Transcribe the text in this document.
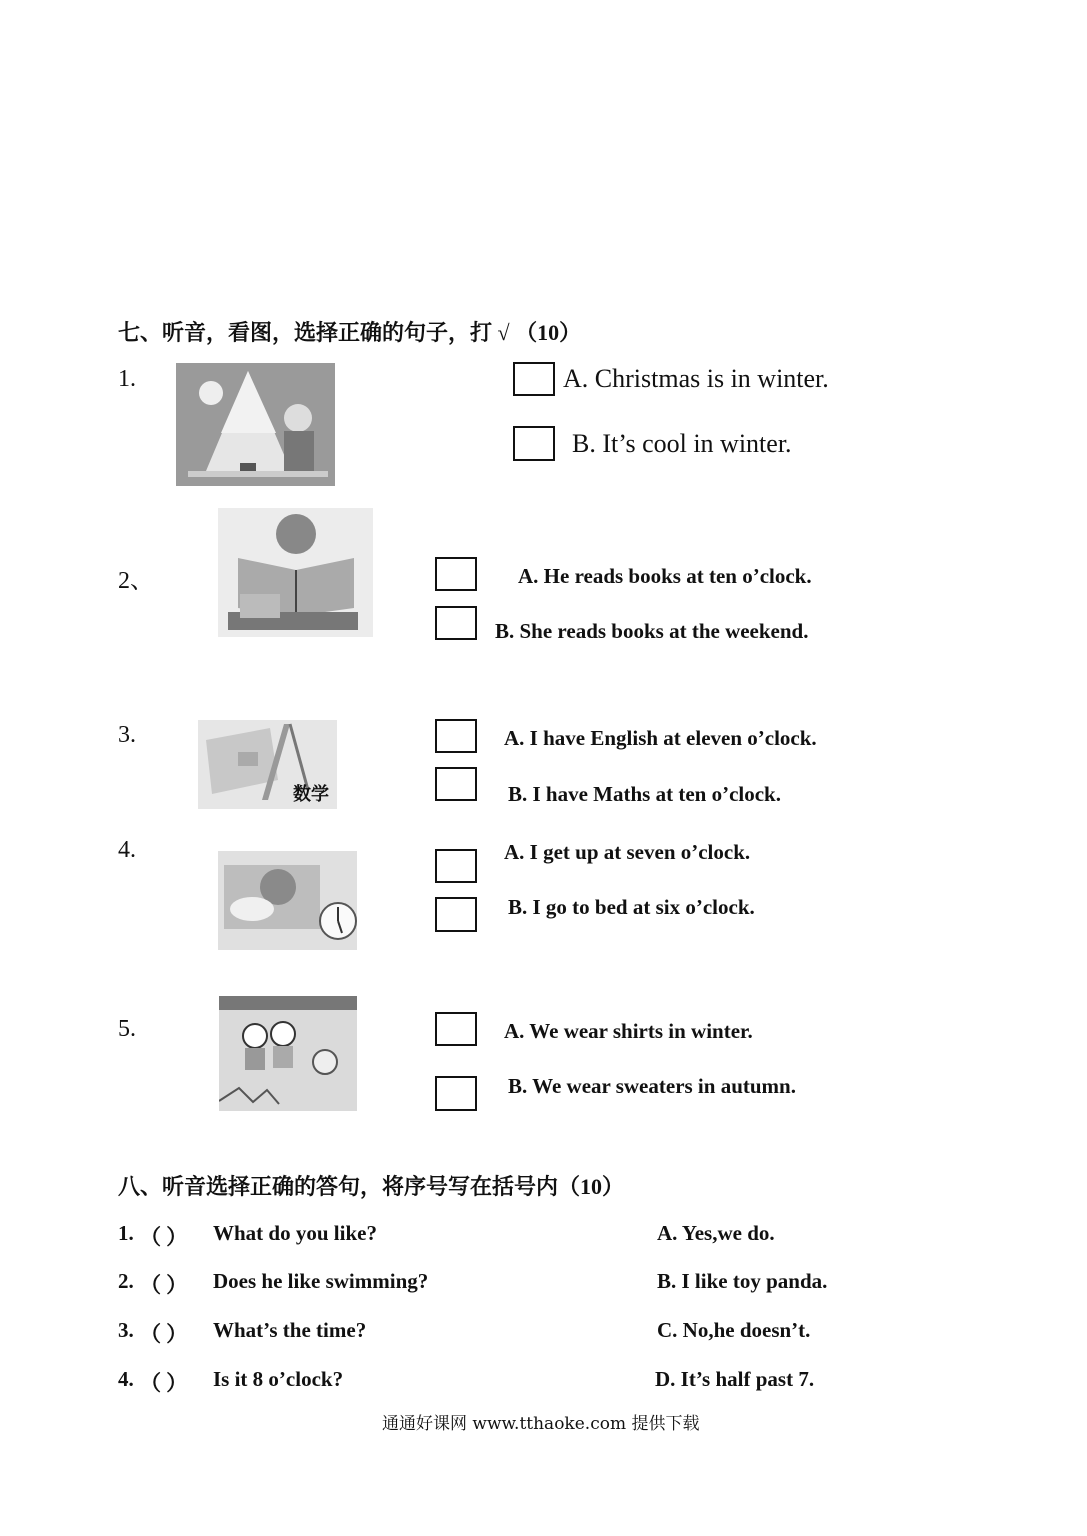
七、听音，看图，选择正确的句子，打 √ （10）
1.	A. Christmas is in winter.
B. It’s cool in winter.
2、	A. He reads books at ten o’clock.
B. She reads books at the weekend.
3.
数学
A. I have English at eleven o’clock.
B. I have Maths at ten o’clock.
4.	A. I get up at seven o’clock.
B. I go to bed at six o’clock.
5.	A. We wear shirts in winter.
B. We wear sweaters in autumn.
八、听音选择正确的答句，将序号写在括号内（10）
1. （ ） What do you like?	A. Yes,we do.
2. （ ） Does he like swimming?	B. I like toy panda.
3. （ ） What’s the time?	C. No,he doesn’t.
4. （ ） Is it 8 o’clock?	D. It’s half past 7.
通通好课网 www.tthaoke.com 提供下载
